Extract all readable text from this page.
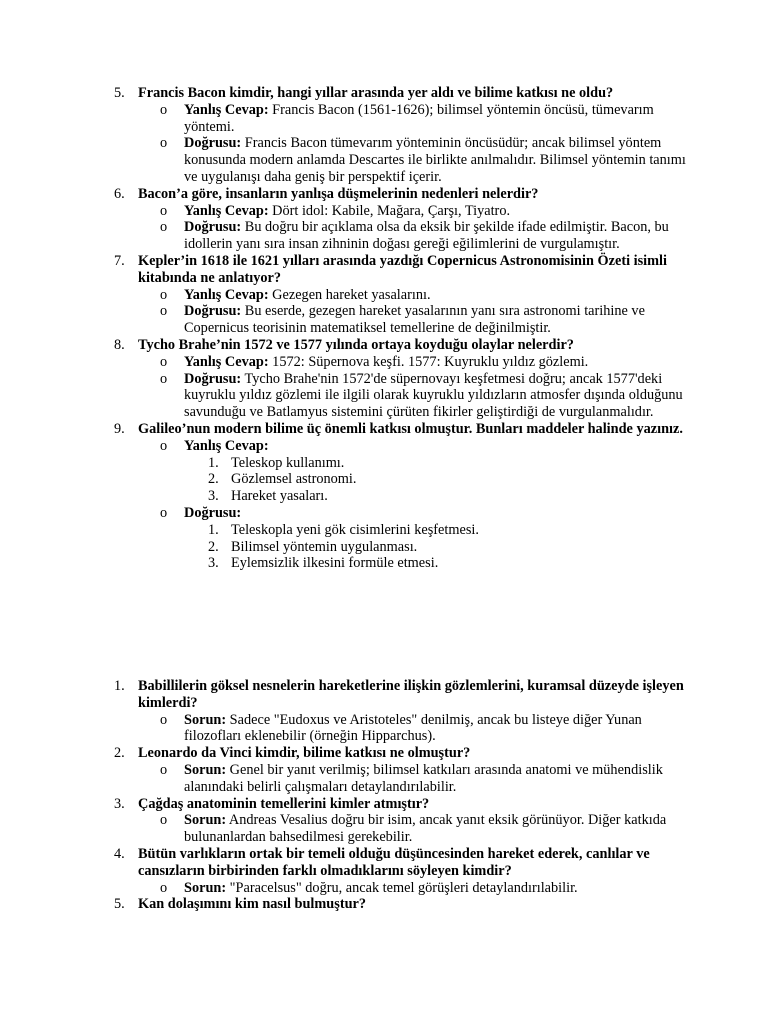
5. Francis Bacon kimdir, hangi yıllar arasında yer aldı ve bilime katkısı ne oldu?
o Yanlış Cevap: Francis Bacon (1561-1626); bilimsel yöntemin öncüsü, tümevarım yöntemi.
o Doğrusu: Francis Bacon tümevarım yönteminin öncüsüdür; ancak bilimsel yöntem konusunda modern anlamda Descartes ile birlikte anılmalıdır. Bilimsel yöntemin tanımı ve uygulanışı daha geniş bir perspektif içerir.
6. Bacon’a göre, insanların yanlışa düşmelerinin nedenleri nelerdir?
o Yanlış Cevap: Dört idol: Kabile, Mağara, Çarşı, Tiyatro.
o Doğrusu: Bu doğru bir açıklama olsa da eksik bir şekilde ifade edilmiştir. Bacon, bu idollerin yanı sıra insan zihninin doğası gereği eğilimlerini de vurgulamıştır.
7. Kepler’in 1618 ile 1621 yılları arasında yazdığı Copernicus Astronomisinin Özeti isimli kitabında ne anlatıyor?
o Yanlış Cevap: Gezegen hareket yasalarını.
o Doğrusu: Bu eserde, gezegen hareket yasalarının yanı sıra astronomi tarihine ve Copernicus teorisinin matematiksel temellerine de değinilmiştir.
8. Tycho Brahe’nin 1572 ve 1577 yılında ortaya koyduğu olaylar nelerdir?
o Yanlış Cevap: 1572: Süpernova keşfi. 1577: Kuyruklu yıldız gözlemi.
o Doğrusu: Tycho Brahe'nin 1572'de süpernovayı keşfetmesi doğru; ancak 1577'deki kuyruklu yıldız gözlemi ile ilgili olarak kuyruklu yıldızların atmosfer dışında olduğunu savunduğu ve Batlamyus sistemini çürüten fikirler geliştirdiği de vurgulanmalıdır.
9. Galileo’nun modern bilime üç önemli katkısı olmuştur. Bunları maddeler halinde yazınız.
o Yanlış Cevap:
1. Teleskop kullanımı.
2. Gözlemsel astronomi.
3. Hareket yasaları.
o Doğrusu:
1. Teleskopla yeni gök cisimlerini keşfetmesi.
2. Bilimsel yöntemin uygulanması.
3. Eylemsizlik ilkesini formüle etmesi.
1. Babillilerin göksel nesnelerin hareketlerine ilişkin gözlemlerini, kuramsal düzeyde işleyen kimlerdi?
o Sorun: Sadece "Eudoxus ve Aristoteles" denilmiş, ancak bu listeye diğer Yunan filozofları eklenebilir (örneğin Hipparchus).
2. Leonardo da Vinci kimdir, bilime katkısı ne olmuştur?
o Sorun: Genel bir yanıt verilmiş; bilimsel katkıları arasında anatomi ve mühendislik alanındaki belirli çalışmaları detaylandırılabilir.
3. Çağdaş anatominin temellerini kimler atmıştır?
o Sorun: Andreas Vesalius doğru bir isim, ancak yanıt eksik görünüyor. Diğer katkıda bulunanlardan bahsedilmesi gerekebilir.
4. Bütün varlıkların ortak bir temeli olduğu düşüncesinden hareket ederek, canlılar ve cansızların birbirinden farklı olmadıklarını söyleyen kimdir?
o Sorun: "Paracelsus" doğru, ancak temel görüşleri detaylandırılabilir.
5. Kan dolaşımını kim nasıl bulmuştur?
